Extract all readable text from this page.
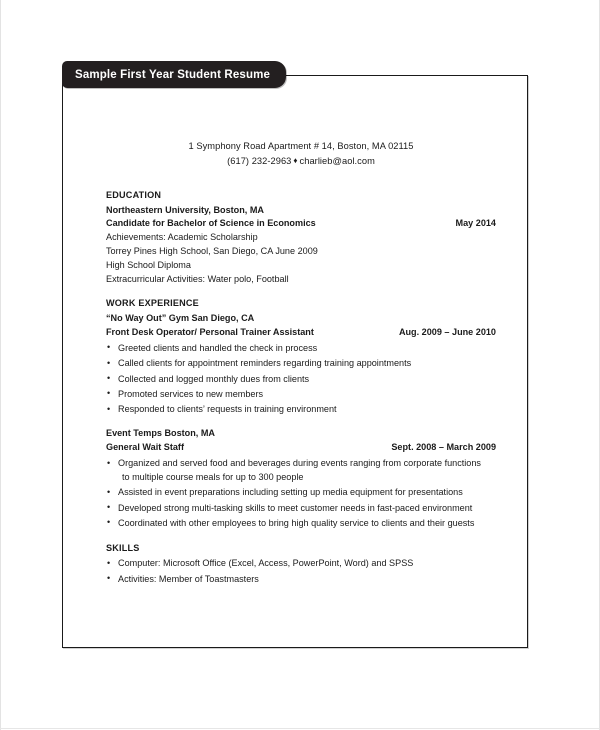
1 Symphony Road Apartment # 14, Boston, MA 02115
(617) 232-2963 ♦ charlieb@aol.com
EDUCATION
Northeastern University, Boston, MA
Candidate for Bachelor of Science in Economics	May 2014
Achievements: Academic Scholarship
Torrey Pines High School, San Diego, CA June 2009
High School Diploma
Extracurricular Activities: Water polo, Football
WORK EXPERIENCE
“No Way Out” Gym San Diego, CA
Front Desk Operator/ Personal Trainer Assistant	Aug. 2009 – June 2010
• Greeted clients and handled the check in process
• Called clients for appointment reminders regarding training appointments
• Collected and logged monthly dues from clients
• Promoted services to new members
• Responded to clients’ requests in training environment
Event Temps Boston, MA
General Wait Staff	Sept. 2008 – March 2009
• Organized and served food and beverages during events ranging from corporate functions
to multiple course meals for up to 300 people
• Assisted in event preparations including setting up media equipment for presentations
• Developed strong multi-tasking skills to meet customer needs in fast-paced environment
• Coordinated with other employees to bring high quality service to clients and their guests
SKILLS
• Computer: Microsoft Office (Excel, Access, PowerPoint, Word) and SPSS
• Activities: Member of Toastmasters
Sample First Year Student Resume
